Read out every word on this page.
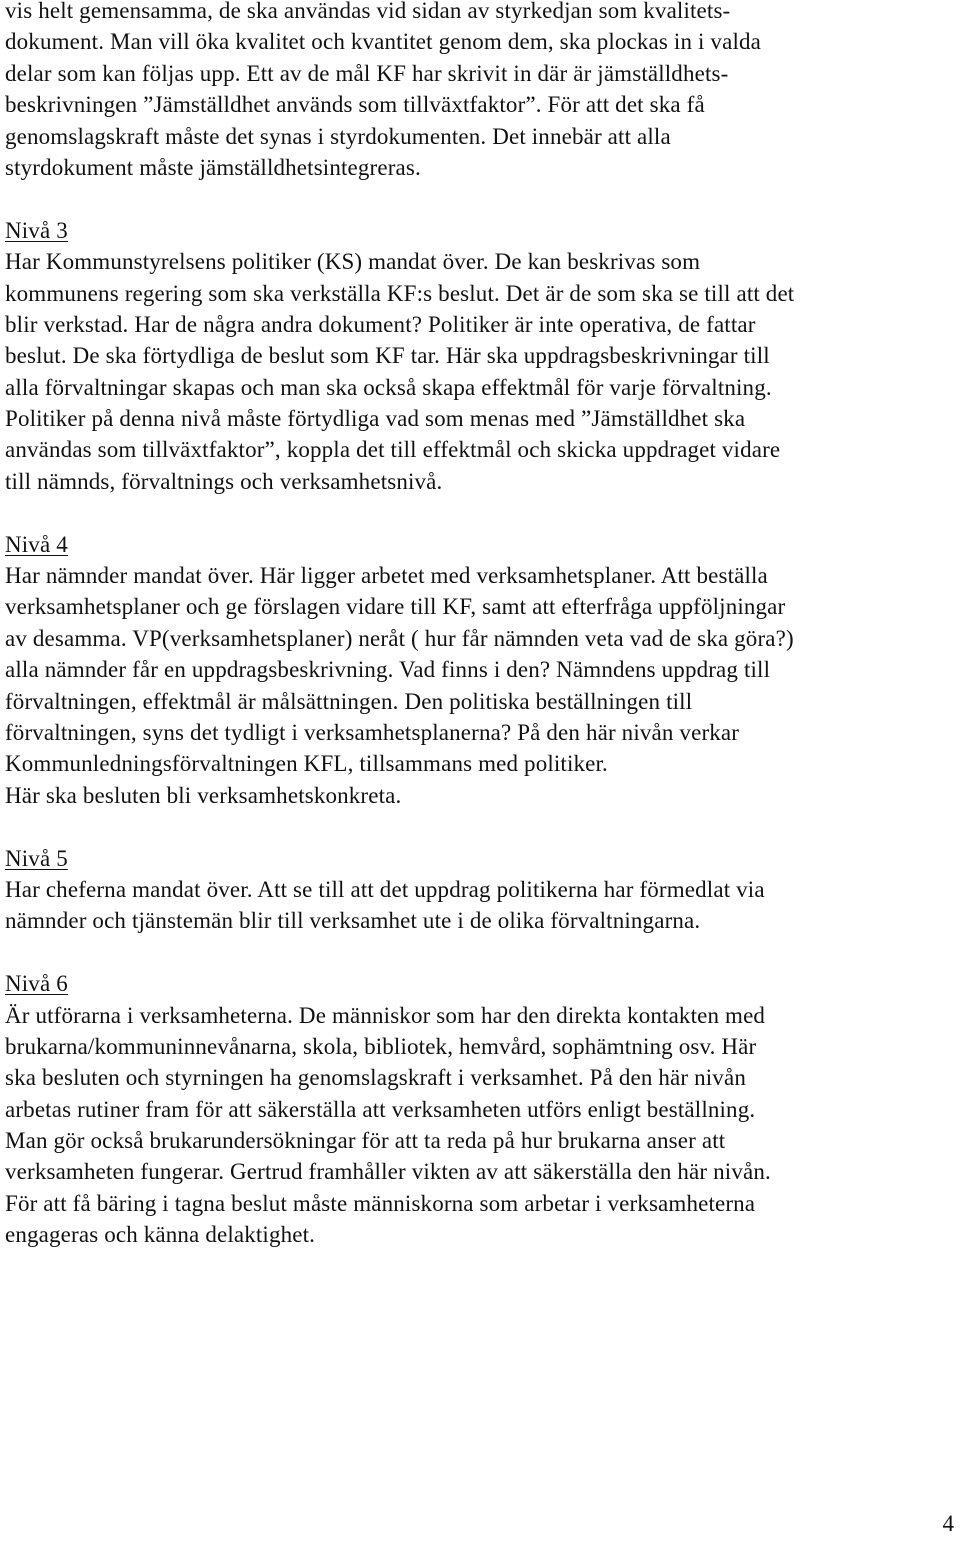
vis helt gemensamma, de ska användas vid sidan av styrkedjan som kvalitets-
dokument. Man vill öka kvalitet och kvantitet genom dem, ska plockas in i valda
delar som kan följas upp. Ett av de mål KF har skrivit in där är jämställdhets-
beskrivningen ”Jämställdhet används som tillväxtfaktor”. För att det ska få
genomslagskraft måste det synas i styrdokumenten. Det innebär att alla
styrdokument måste jämställdhetsintegreras.
Nivå 3
Har Kommunstyrelsens politiker (KS) mandat över. De kan beskrivas som
kommunens regering som ska verkställa KF:s beslut. Det är de som ska se till att det
blir verkstad. Har de några andra dokument? Politiker är inte operativa, de fattar
beslut. De ska förtydliga de beslut som KF tar. Här ska uppdragsbeskrivningar till
alla förvaltningar skapas och man ska också skapa effektmål för varje förvaltning.
Politiker på denna nivå måste förtydliga vad som menas med ”Jämställdhet ska
användas som tillväxtfaktor”, koppla det till effektmål och skicka uppdraget vidare
till nämnds, förvaltnings och verksamhetsnivå.
Nivå 4
Har nämnder mandat över. Här ligger arbetet med verksamhetsplaner. Att beställa
verksamhetsplaner och ge förslagen vidare till KF, samt att efterfråga uppföljningar
av desamma. VP(verksamhetsplaner) neråt ( hur får nämnden veta vad de ska göra?)
alla nämnder får en uppdragsbeskrivning. Vad finns i den? Nämndens uppdrag till
förvaltningen, effektmål är målsättningen. Den politiska beställningen till
förvaltningen, syns det tydligt i verksamhetsplanerna? På den här nivån verkar
Kommunledningsförvaltningen KFL, tillsammans med politiker.
Här ska besluten bli verksamhetskonkreta.
Nivå 5
Har cheferna mandat över. Att se till att det uppdrag politikerna har förmedlat via
nämnder och tjänstemän blir till verksamhet ute i de olika förvaltningarna.
Nivå 6
Är utförarna i verksamheterna. De människor som har den direkta kontakten med
brukarna/kommuninnevånarna, skola, bibliotek, hemvård, sophämtning osv. Här
ska besluten och styrningen ha genomslagskraft i verksamhet. På den här nivån
arbetas rutiner fram för att säkerställa att verksamheten utförs enligt beställning.
Man gör också brukarundersökningar för att ta reda på hur brukarna anser att
verksamheten fungerar. Gertrud framhåller vikten av att säkerställa den här nivån.
För att få bäring i tagna beslut måste människorna som arbetar i verksamheterna
engageras och känna delaktighet.
4
